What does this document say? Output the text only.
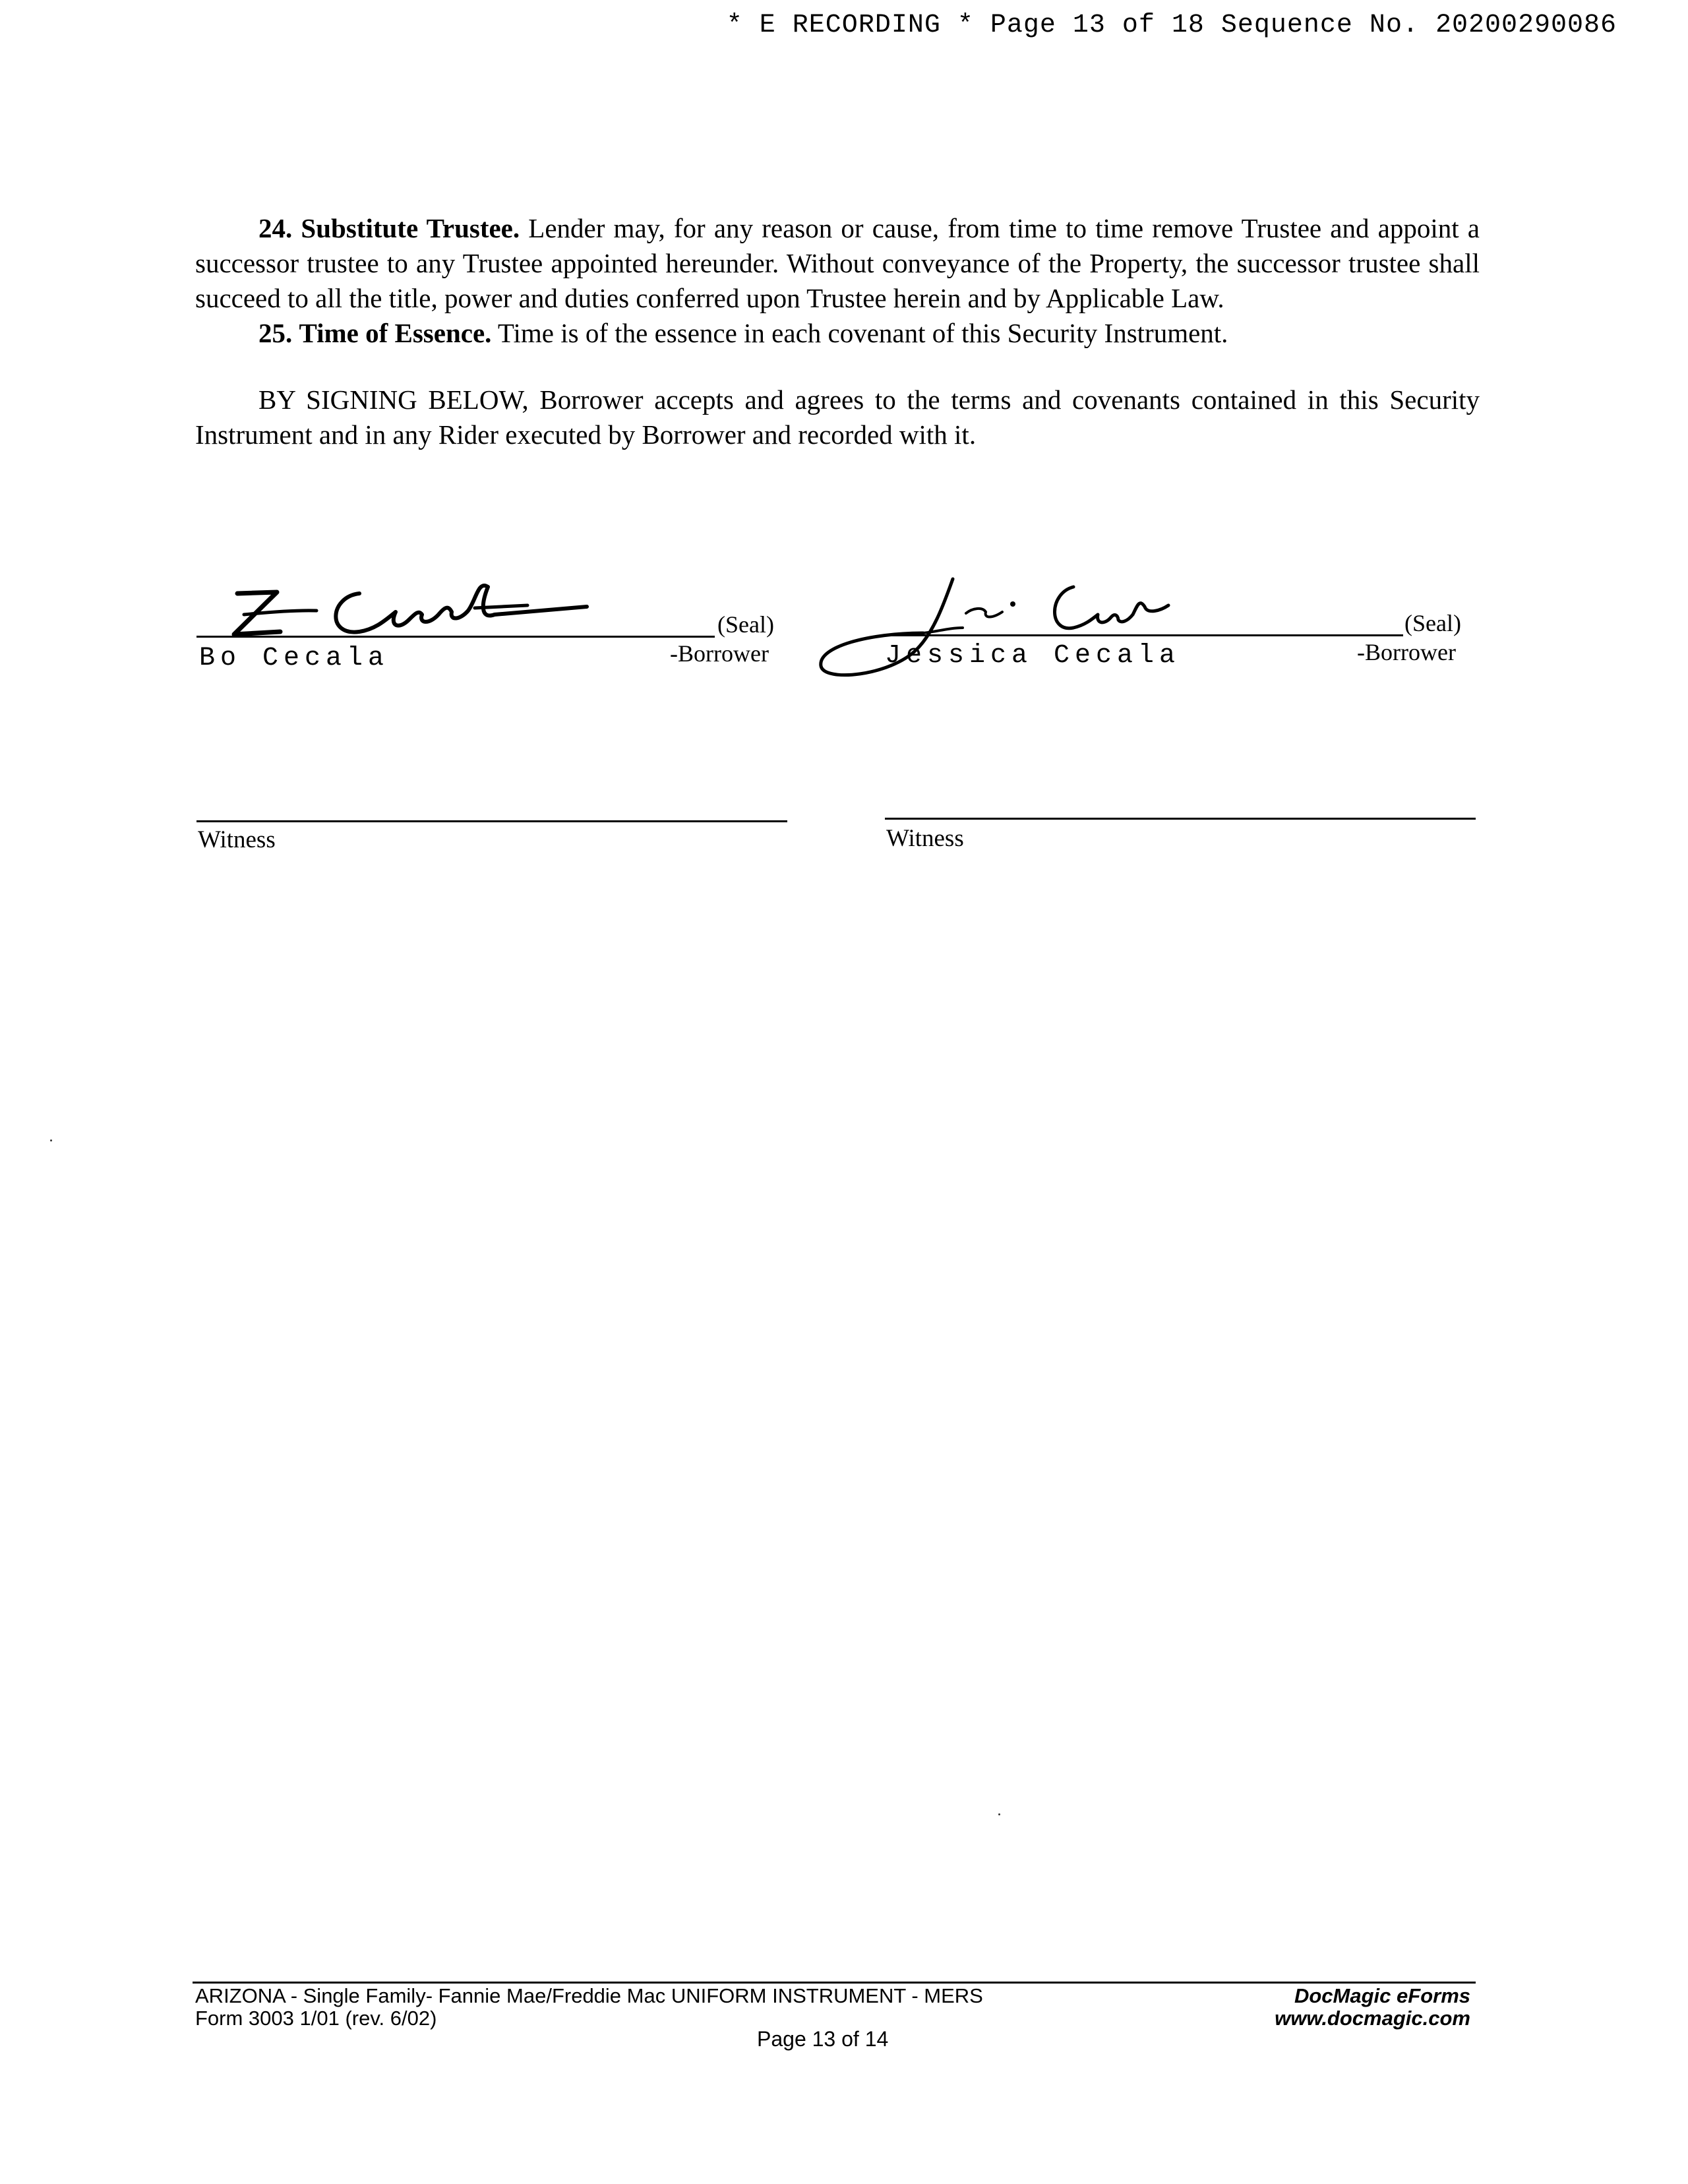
* E RECORDING * Page 13 of 18 Sequence No. 20200290086

24. Substitute Trustee. Lender may, for any reason or cause, from time to time remove Trustee and appoint a successor trustee to any Trustee appointed hereunder. Without conveyance of the Property, the successor trustee shall succeed to all the title, power and duties conferred upon Trustee herein and by Applicable Law.

25. Time of Essence. Time is of the essence in each covenant of this Security Instrument.

BY SIGNING BELOW, Borrower accepts and agrees to the terms and covenants contained in this Security Instrument and in any Rider executed by Borrower and recorded with it.

(Seal)
-Borrower
Bo Cecala
(Seal)
-Borrower
Jessica Cecala
Witness	Witness
ARIZONA - Single Family- Fannie Mae/Freddie Mac UNIFORM INSTRUMENT - MERS
Form 3003 1/01 (rev. 6/02)
DocMagic eForms
www.docmagic.com
Page 13 of 14
